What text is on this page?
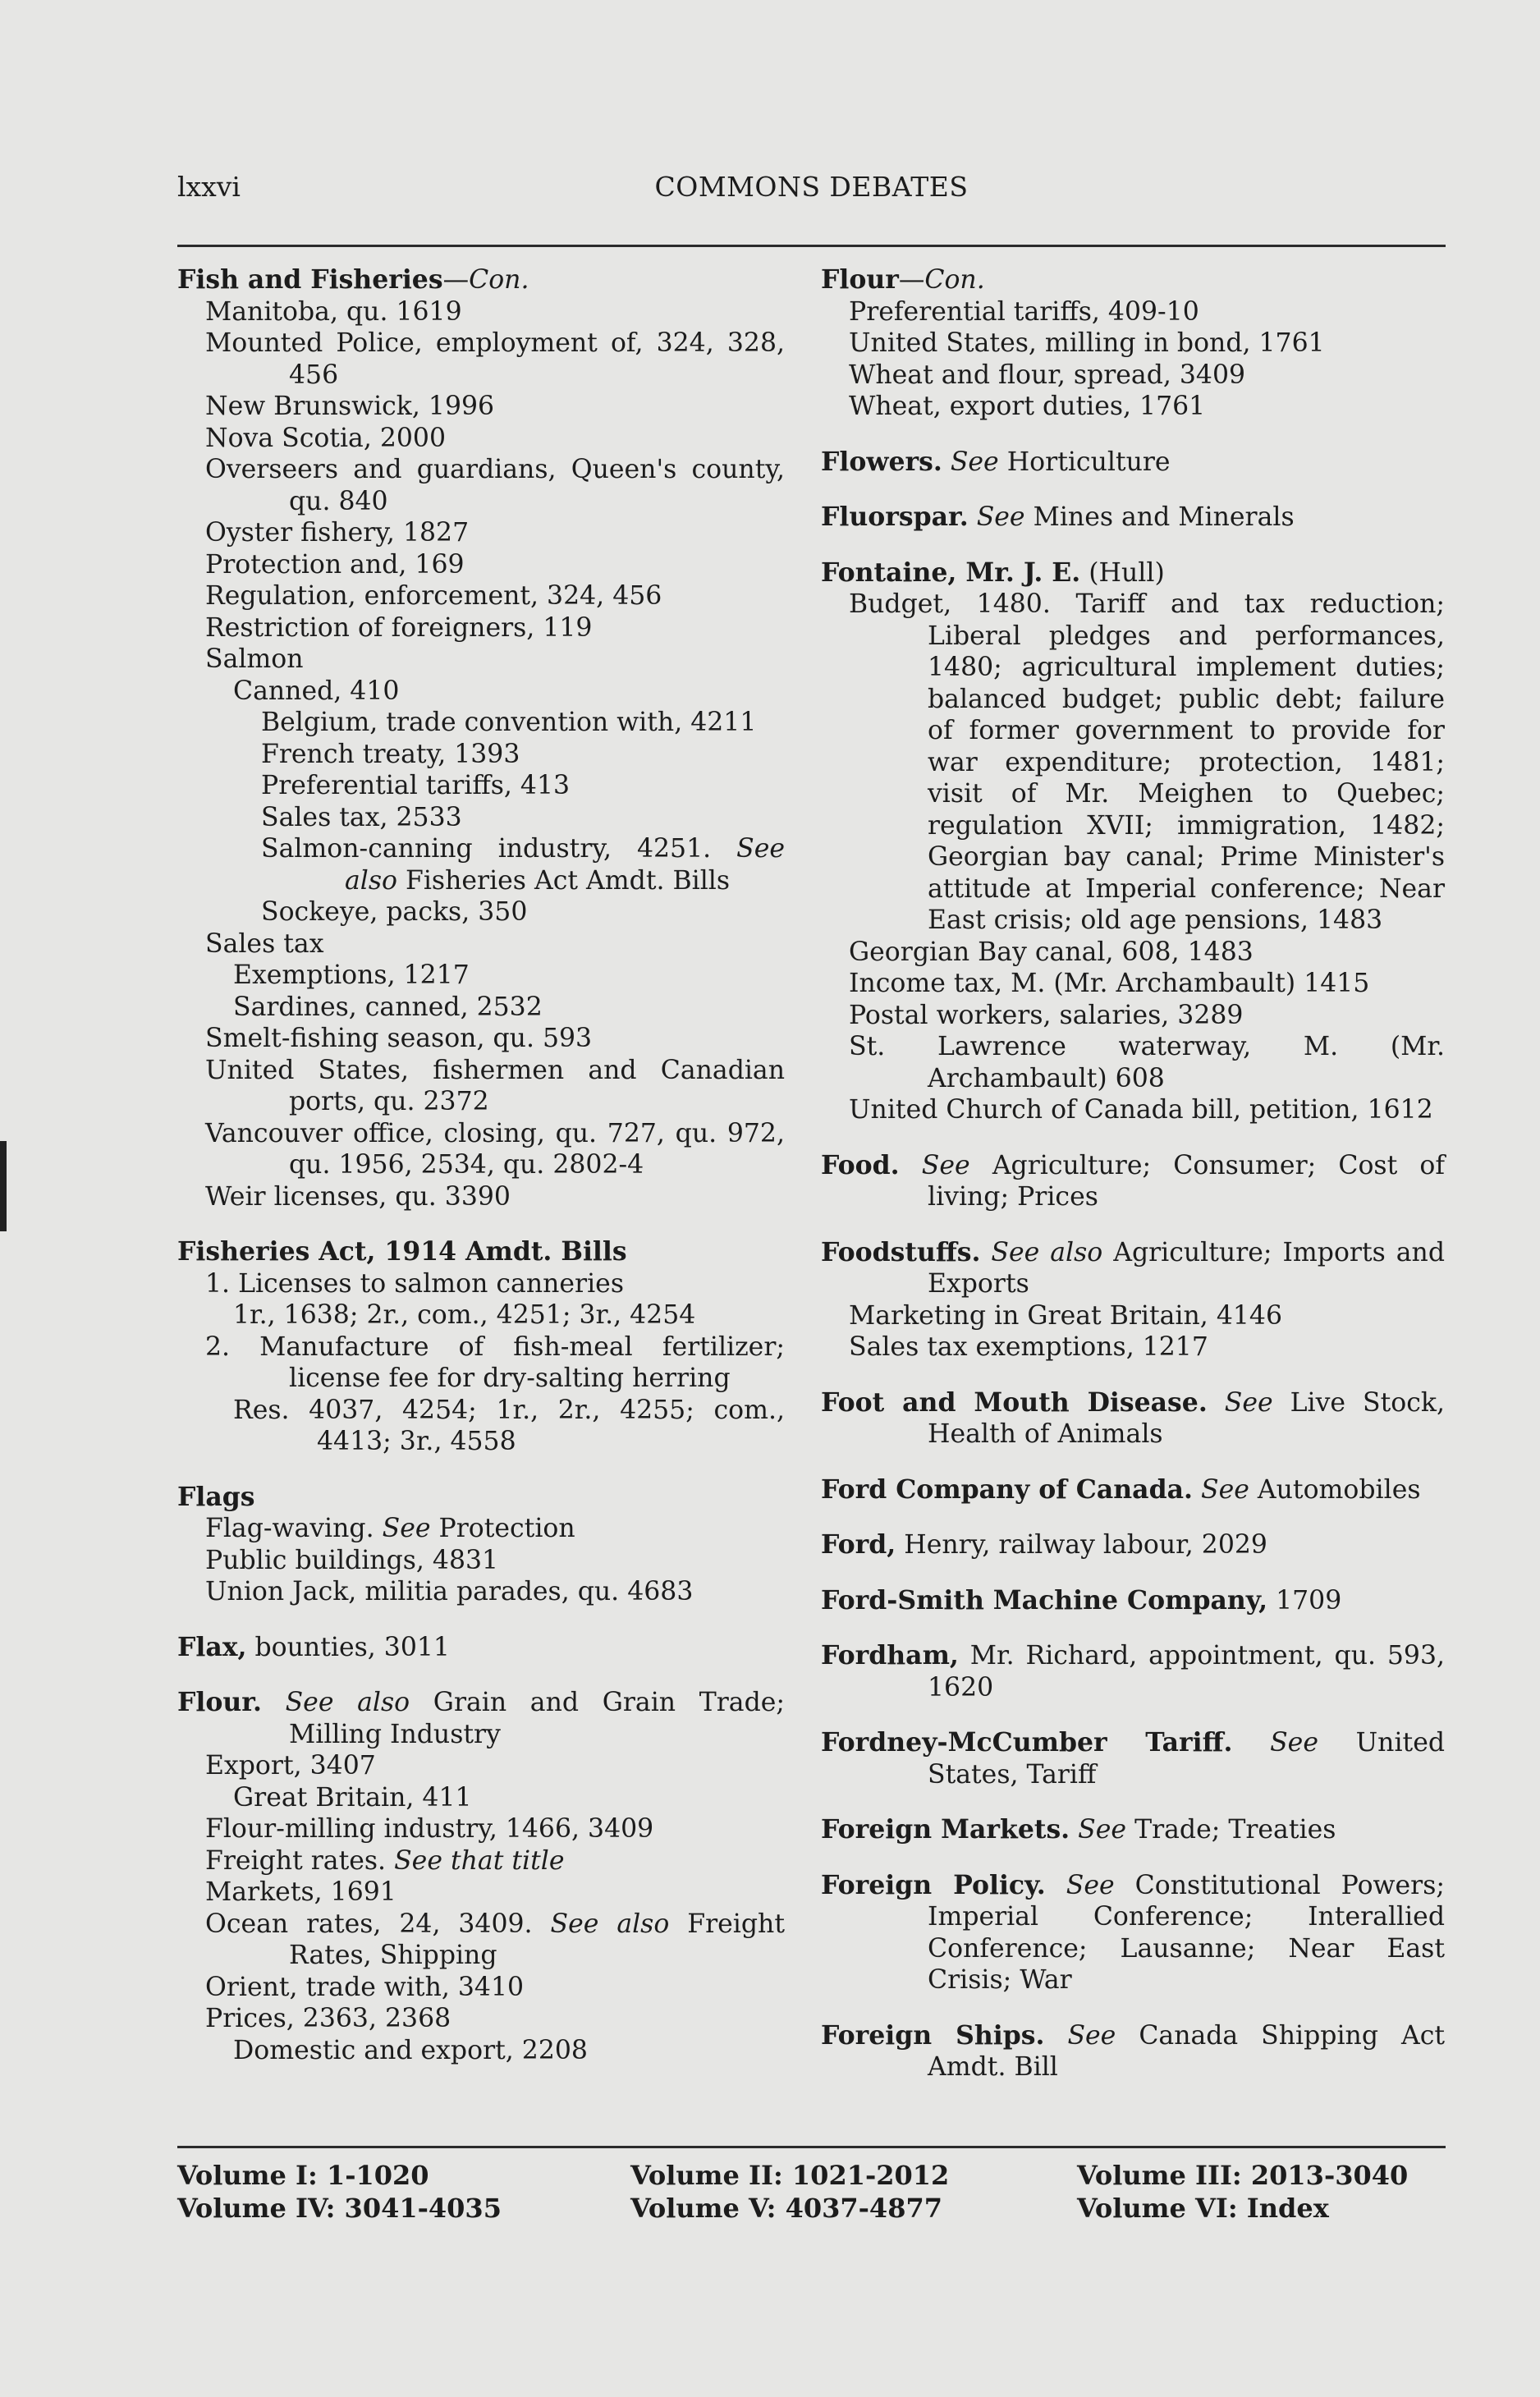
lxxvi	COMMONS DEBATES
Fish and Fisheries—Con.
Manitoba, qu. 1619
Mounted Police, employment of, 324, 328, 456
New Brunswick, 1996
Nova Scotia, 2000
Overseers and guardians, Queen's county, qu. 840
Oyster fishery, 1827
Protection and, 169
Regulation, enforcement, 324, 456
Restriction of foreigners, 119
Salmon
Canned, 410
Belgium, trade convention with, 4211
French treaty, 1393
Preferential tariffs, 413
Sales tax, 2533
Salmon-canning industry, 4251. See also Fisheries Act Amdt. Bills
Sockeye, packs, 350
Sales tax
Exemptions, 1217
Sardines, canned, 2532
Smelt-fishing season, qu. 593
United States, fishermen and Canadian ports, qu. 2372
Vancouver office, closing, qu. 727, qu. 972, qu. 1956, 2534, qu. 2802-4
Weir licenses, qu. 3390
Fisheries Act, 1914 Amdt. Bills
1. Licenses to salmon canneries
1r., 1638; 2r., com., 4251; 3r., 4254
2. Manufacture of fish-meal fertilizer; license fee for dry-salting herring
Res. 4037, 4254; 1r., 2r., 4255; com., 4413; 3r., 4558
Flags
Flag-waving. See Protection
Public buildings, 4831
Union Jack, militia parades, qu. 4683
Flax, bounties, 3011
Flour. See also Grain and Grain Trade; Milling Industry
Export, 3407
Great Britain, 411
Flour-milling industry, 1466, 3409
Freight rates. See that title
Markets, 1691
Ocean rates, 24, 3409. See also Freight Rates, Shipping
Orient, trade with, 3410
Prices, 2363, 2368
Domestic and export, 2208
Flour—Con.
Preferential tariffs, 409-10
United States, milling in bond, 1761
Wheat and flour, spread, 3409
Wheat, export duties, 1761
Flowers. See Horticulture
Fluorspar. See Mines and Minerals
Fontaine, Mr. J. E. (Hull)
Budget, 1480. Tariff and tax reduction; Liberal pledges and performances, 1480; agricultural implement duties; balanced budget; public debt; failure of former government to provide for war expenditure; protection, 1481; visit of Mr. Meighen to Quebec; regulation XVII; immigration, 1482; Georgian bay canal; Prime Minister's attitude at Imperial conference; Near East crisis; old age pensions, 1483
Georgian Bay canal, 608, 1483
Income tax, M. (Mr. Archambault) 1415
Postal workers, salaries, 3289
St. Lawrence waterway, M. (Mr. Archambault) 608
United Church of Canada bill, petition, 1612
Food. See Agriculture; Consumer; Cost of living; Prices
Foodstuffs. See also Agriculture; Imports and Exports
Marketing in Great Britain, 4146
Sales tax exemptions, 1217
Foot and Mouth Disease. See Live Stock, Health of Animals
Ford Company of Canada. See Automobiles
Ford, Henry, railway labour, 2029
Ford-Smith Machine Company, 1709
Fordham, Mr. Richard, appointment, qu. 593, 1620
Fordney-McCumber Tariff. See United States, Tariff
Foreign Markets. See Trade; Treaties
Foreign Policy. See Constitutional Powers; Imperial Conference; Interallied Conference; Lausanne; Near East Crisis; War
Foreign Ships. See Canada Shipping Act Amdt. Bill
Volume I: 1-1020
Volume IV: 3041-4035
Volume II: 1021-2012
Volume V: 4037-4877
Volume III: 2013-3040
Volume VI: Index
